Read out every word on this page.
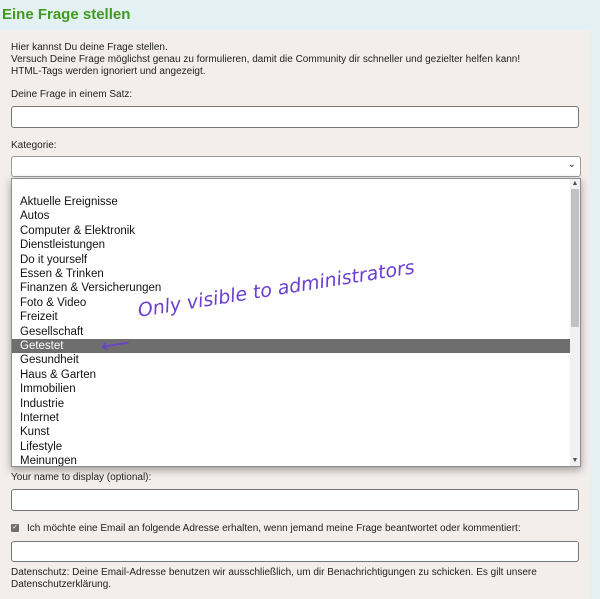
Eine Frage stellen
Hier kannst Du deine Frage stellen.
Versuch Deine Frage möglichst genau zu formulieren, damit die Community dir schneller und gezielter helfen kann!
HTML-Tags werden ignoriert und angezeigt.
Deine Frage in einem Satz:
Kategorie:
⌄
Aktuelle Ereignisse
Autos
Computer & Elektronik
Dienstleistungen
Do it yourself
Essen & Trinken
Finanzen & Versicherungen
Foto & Video
Freizeit
Gesellschaft
Getestet
Gesundheit
Haus & Garten
Immobilien
Industrie
Internet
Kunst
Lifestyle
Meinungen
▲
▼
⟵
Only visible to administrators
Your name to display (optional):
✓ Ich möchte eine Email an folgende Adresse erhalten, wenn jemand meine Frage beantwortet oder kommentiert:
Datenschutz: Deine Email-Adresse benutzen wir ausschließlich, um dir Benachrichtigungen zu schicken. Es gilt unsere
Datenschutzerklärung.
